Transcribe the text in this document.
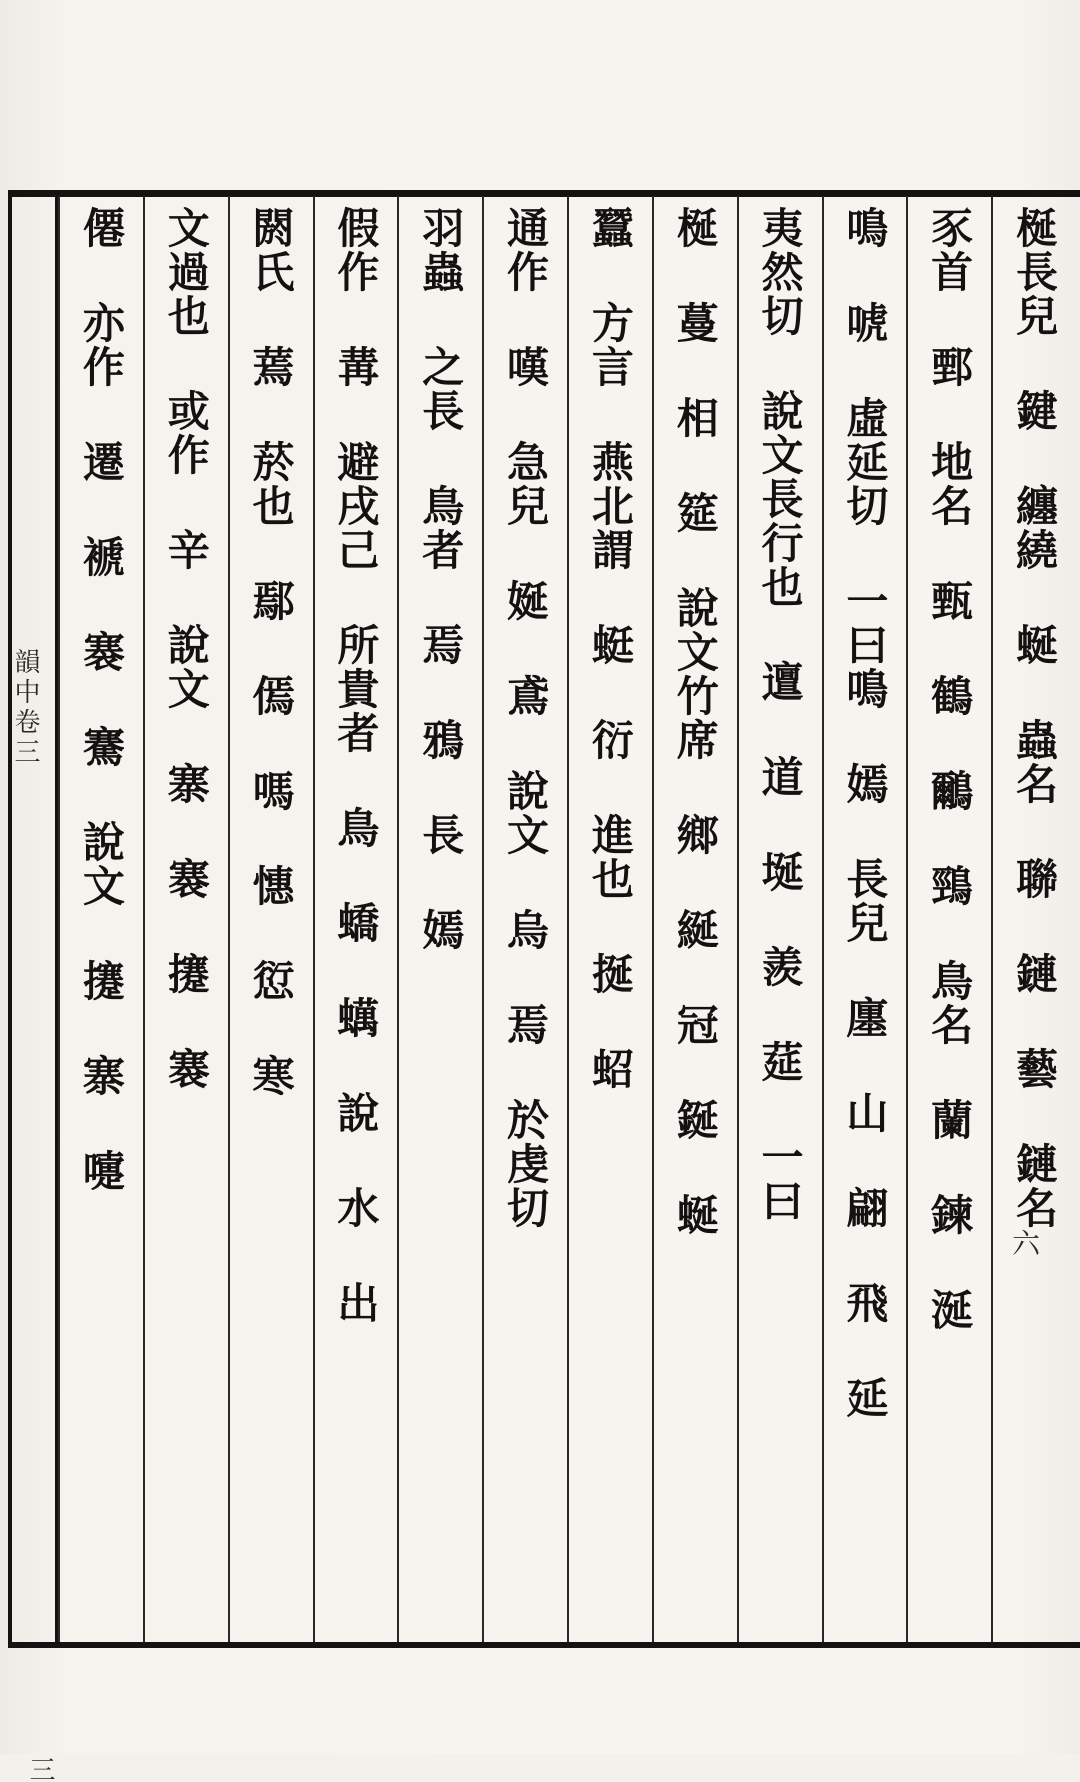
韻中卷三
三
六
梴長兒 鍵 纏繞 蜒 蟲名 聯 鏈 藝 鏈名
豕首 鄄 地名 甄 鶴 鸍 鵛 鳥名 蘭 鍊 涎
鳴 唬 虛延切 一曰鳴 嫣 長兒 廛 山 翩 飛 延
夷然切 說文長行也 邅 道 埏 羨 莚 一曰
梴 蔓 相 筵 說文竹席 鄉 綖 冠 鋋 蜒
蠶 方言 燕北謂 蜓 衍 進也 挻 蛁
通作 嘆 急兒 娫 鳶 說文 烏 焉 於虔切
羽蟲 之長 鳥者 焉 鴉 長 嫣
假作 冓 避戌己 所貴者 鳥 蟜 蠇 說 水 出
閼氏 蔫 菸也 鄢 傿 嗎 憓 愆 寒
文過也 或作 辛 說文 寨 褰 攓 褰
僊 亦作 遷 褫 褰 騫 說文 攓 寨 嚏
